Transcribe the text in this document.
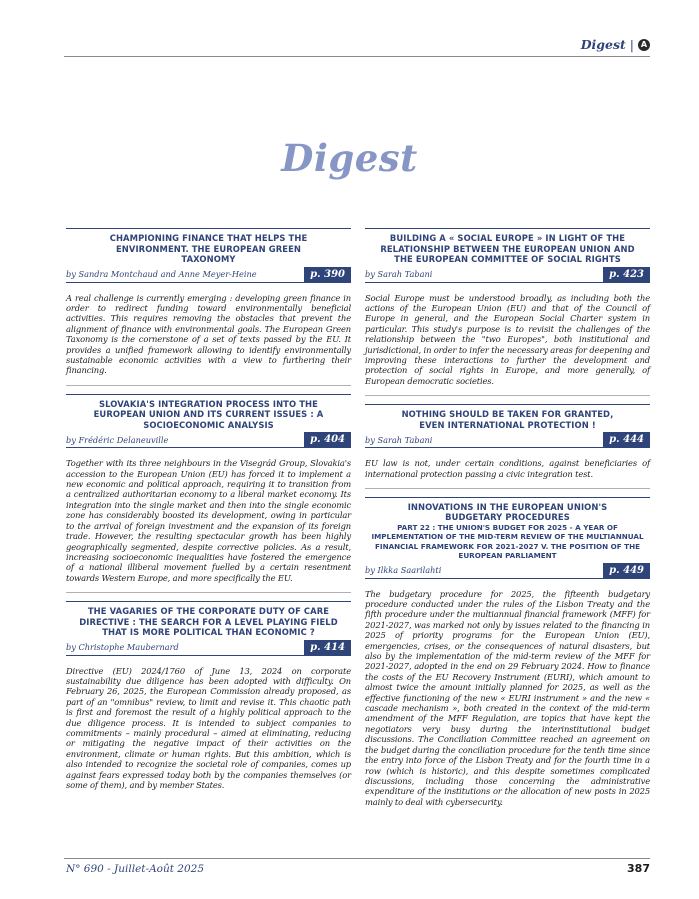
Digest | A
Digest
CHAMPIONING FINANCE THAT HELPS THE ENVIRONMENT. THE EUROPEAN GREEN TAXONOMY
by Sandra Montchaud and Anne Meyer-Heine	p. 390
A real challenge is currently emerging : developing green finance in order to redirect funding toward environmentally beneficial activities. This requires removing the obstacles that prevent the alignment of finance with environmental goals. The European Green Taxonomy is the cornerstone of a set of texts passed by the EU. It provides a unified framework allowing to identify environmentally sustainable economic activities with a view to furthering their financing.
SLOVAKIA'S INTEGRATION PROCESS INTO THE EUROPEAN UNION AND ITS CURRENT ISSUES : A SOCIOECONOMIC ANALYSIS
by Frédéric Delaneuville	p. 404
Together with its three neighbours in the Visegrád Group, Slovakia's accession to the European Union (EU) has forced it to implement a new economic and political approach, requiring it to transition from a centralized authoritarian economy to a liberal market economy. Its integration into the single market and then into the single economic zone has considerably boosted its development, owing in particular to the arrival of foreign investment and the expansion of its foreign trade. However, the resulting spectacular growth has been highly geographically segmented, despite corrective policies. As a result, increasing socioeconomic inequalities have fostered the emergence of a national illiberal movement fuelled by a certain resentment towards Western Europe, and more specifically the EU.
THE VAGARIES OF THE CORPORATE DUTY OF CARE DIRECTIVE : THE SEARCH FOR A LEVEL PLAYING FIELD THAT IS MORE POLITICAL THAN ECONOMIC ?
by Christophe Maubernard	p. 414
Directive (EU) 2024/1760 of June 13, 2024 on corporate sustainability due diligence has been adopted with difficulty. On February 26, 2025, the European Commission already proposed, as part of an "omnibus" review, to limit and revise it. This chaotic path is first and foremost the result of a highly political approach to the due diligence process. It is intended to subject companies to commitments – mainly procedural – aimed at eliminating, reducing or mitigating the negative impact of their activities on the environment, climate or human rights. But this ambition, which is also intended to recognize the societal role of companies, comes up against fears expressed today both by the companies themselves (or some of them), and by member States.
BUILDING A « SOCIAL EUROPE » IN LIGHT OF THE RELATIONSHIP BETWEEN THE EUROPEAN UNION AND THE EUROPEAN COMMITTEE OF SOCIAL RIGHTS
by Sarah Tabani	p. 423
Social Europe must be understood broadly, as including both the actions of the European Union (EU) and that of the Council of Europe in general, and the European Social Charter system in particular. This study's purpose is to revisit the challenges of the relationship between the "two Europes", both institutional and jurisdictional, in order to infer the necessary areas for deepening and improving these interactions to further the development and protection of social rights in Europe, and more generally, of European democratic societies.
NOTHING SHOULD BE TAKEN FOR GRANTED, EVEN INTERNATIONAL PROTECTION !
by Sarah Tabani	p. 444
EU law is not, under certain conditions, against beneficiaries of international protection passing a civic integration test.
INNOVATIONS IN THE EUROPEAN UNION'S BUDGETARY PROCEDURES
PART 22 : THE UNION'S BUDGET FOR 2025 - A YEAR OF IMPLEMENTATION OF THE MID-TERM REVIEW OF THE MULTIANNUAL FINANCIAL FRAMEWORK FOR 2021-2027 V. THE POSITION OF THE EUROPEAN PARLIAMENT
by Ilkka Saarilahti	p. 449
The budgetary procedure for 2025, the fifteenth budgetary procedure conducted under the rules of the Lisbon Treaty and the fifth procedure under the multiannual financial framework (MFF) for 2021-2027, was marked not only by issues related to the financing in 2025 of priority programs for the European Union (EU), emergencies, crises, or the consequences of natural disasters, but also by the implementation of the mid-term review of the MFF for 2021-2027, adopted in the end on 29 February 2024. How to finance the costs of the EU Recovery Instrument (EURI), which amount to almost twice the amount initially planned for 2025, as well as the effective functioning of the new « EURI instrument » and the new « cascade mechanism », both created in the context of the mid-term amendment of the MFF Regulation, are topics that have kept the negotiators very busy during the interinstitutional budget discussions. The Conciliation Committee reached an agreement on the budget during the conciliation procedure for the tenth time since the entry into force of the Lisbon Treaty and for the fourth time in a row (which is historic), and this despite sometimes complicated discussions, including those concerning the administrative expenditure of the institutions or the allocation of new posts in 2025 mainly to deal with cybersecurity.
N° 690 - Juillet-Août 2025	387
